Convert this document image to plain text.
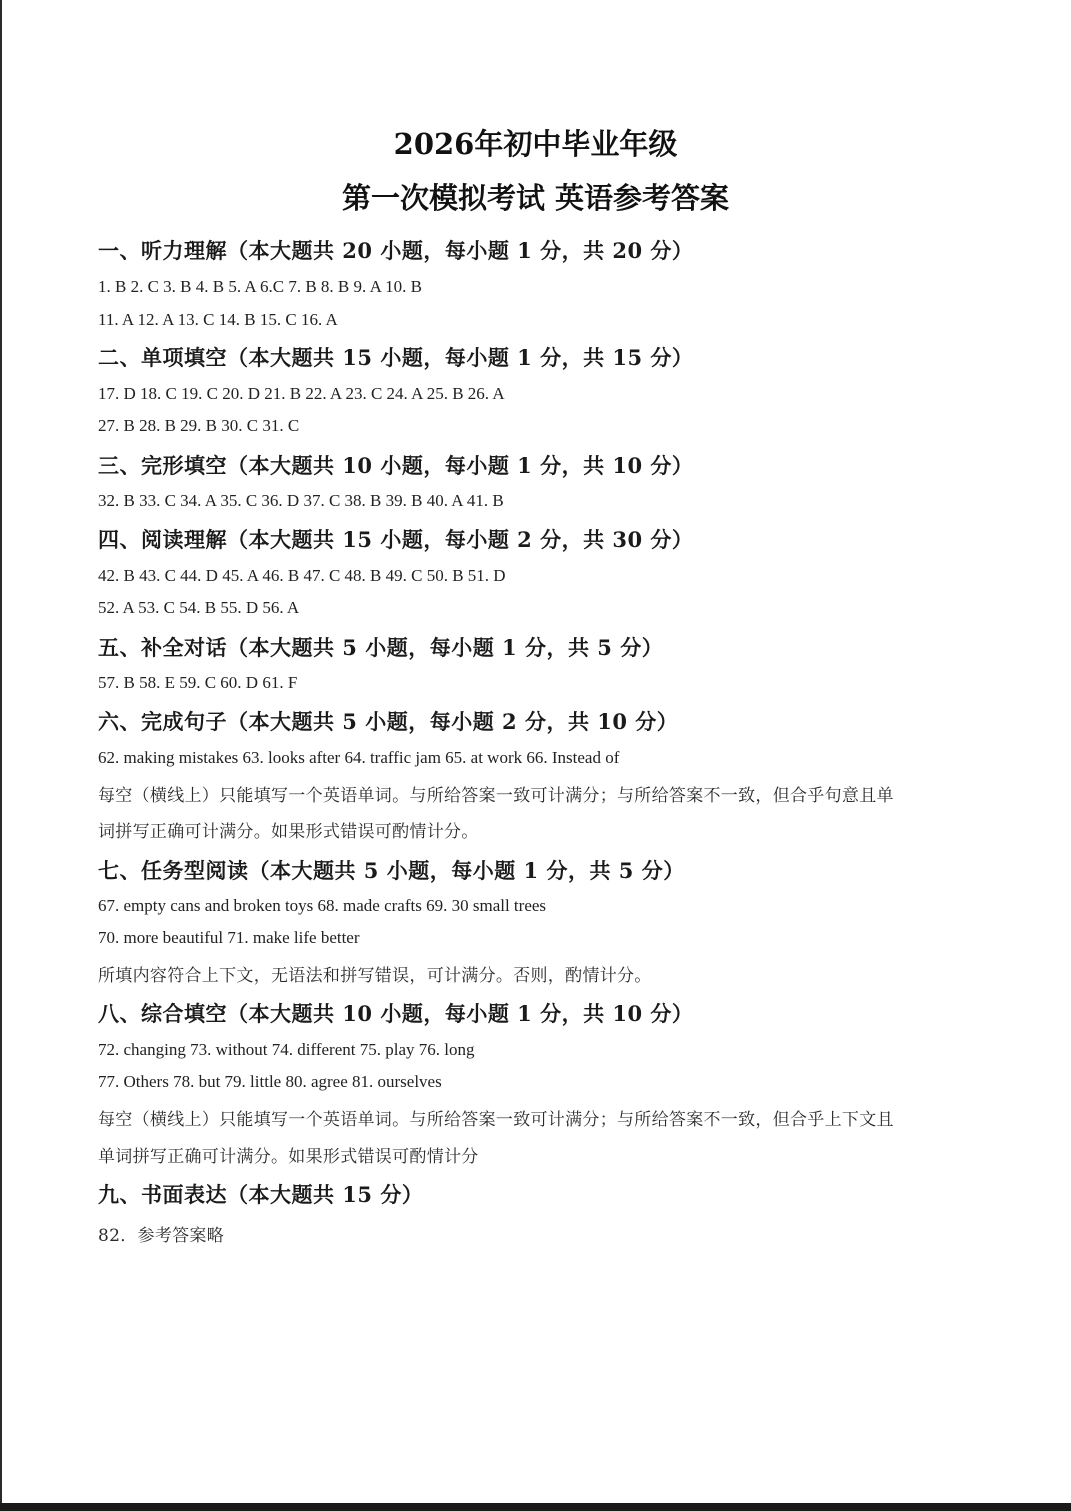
2026年初中毕业年级
第一次模拟考试 英语参考答案
一、听力理解（本大题共 20 小题，每小题 1 分，共 20 分）
1. B 2. C 3. B 4. B 5. A 6.C 7. B 8. B 9. A 10. B
11. A 12. A 13. C 14. B 15. C 16. A
二、单项填空（本大题共 15 小题，每小题 1 分，共 15 分）
17. D 18. C 19. C 20. D 21. B 22. A 23. C 24. A 25. B 26. A
27. B 28. B 29. B 30. C 31. C
三、完形填空（本大题共 10 小题，每小题 1 分，共 10 分）
32. B 33. C 34. A 35. C 36. D 37. C 38. B 39. B 40. A 41. B
四、阅读理解（本大题共 15 小题，每小题 2 分，共 30 分）
42. B 43. C 44. D 45. A 46. B 47. C 48. B 49. C 50. B 51. D
52. A 53. C 54. B 55. D 56. A
五、补全对话（本大题共 5 小题，每小题 1 分，共 5 分）
57. B 58. E 59. C 60. D 61. F
六、完成句子（本大题共 5 小题，每小题 2 分，共 10 分）
62. making mistakes 63. looks after 64. traffic jam 65. at work 66. Instead of
每空（横线上）只能填写一个英语单词。与所给答案一致可计满分；与所给答案不一致，但合乎句意且单
词拼写正确可计满分。如果形式错误可酌情计分。
七、任务型阅读（本大题共 5 小题，每小题 1 分，共 5 分）
67. empty cans and broken toys 68. made crafts 69. 30 small trees
70. more beautiful 71. make life better
所填内容符合上下文，无语法和拼写错误，可计满分。否则，酌情计分。
八、综合填空（本大题共 10 小题，每小题 1 分，共 10 分）
72. changing 73. without 74. different 75. play 76. long
77. Others 78. but 79. little 80. agree 81. ourselves
每空（横线上）只能填写一个英语单词。与所给答案一致可计满分；与所给答案不一致，但合乎上下文且
单词拼写正确可计满分。如果形式错误可酌情计分
九、书面表达（本大题共 15 分）
82．参考答案略
